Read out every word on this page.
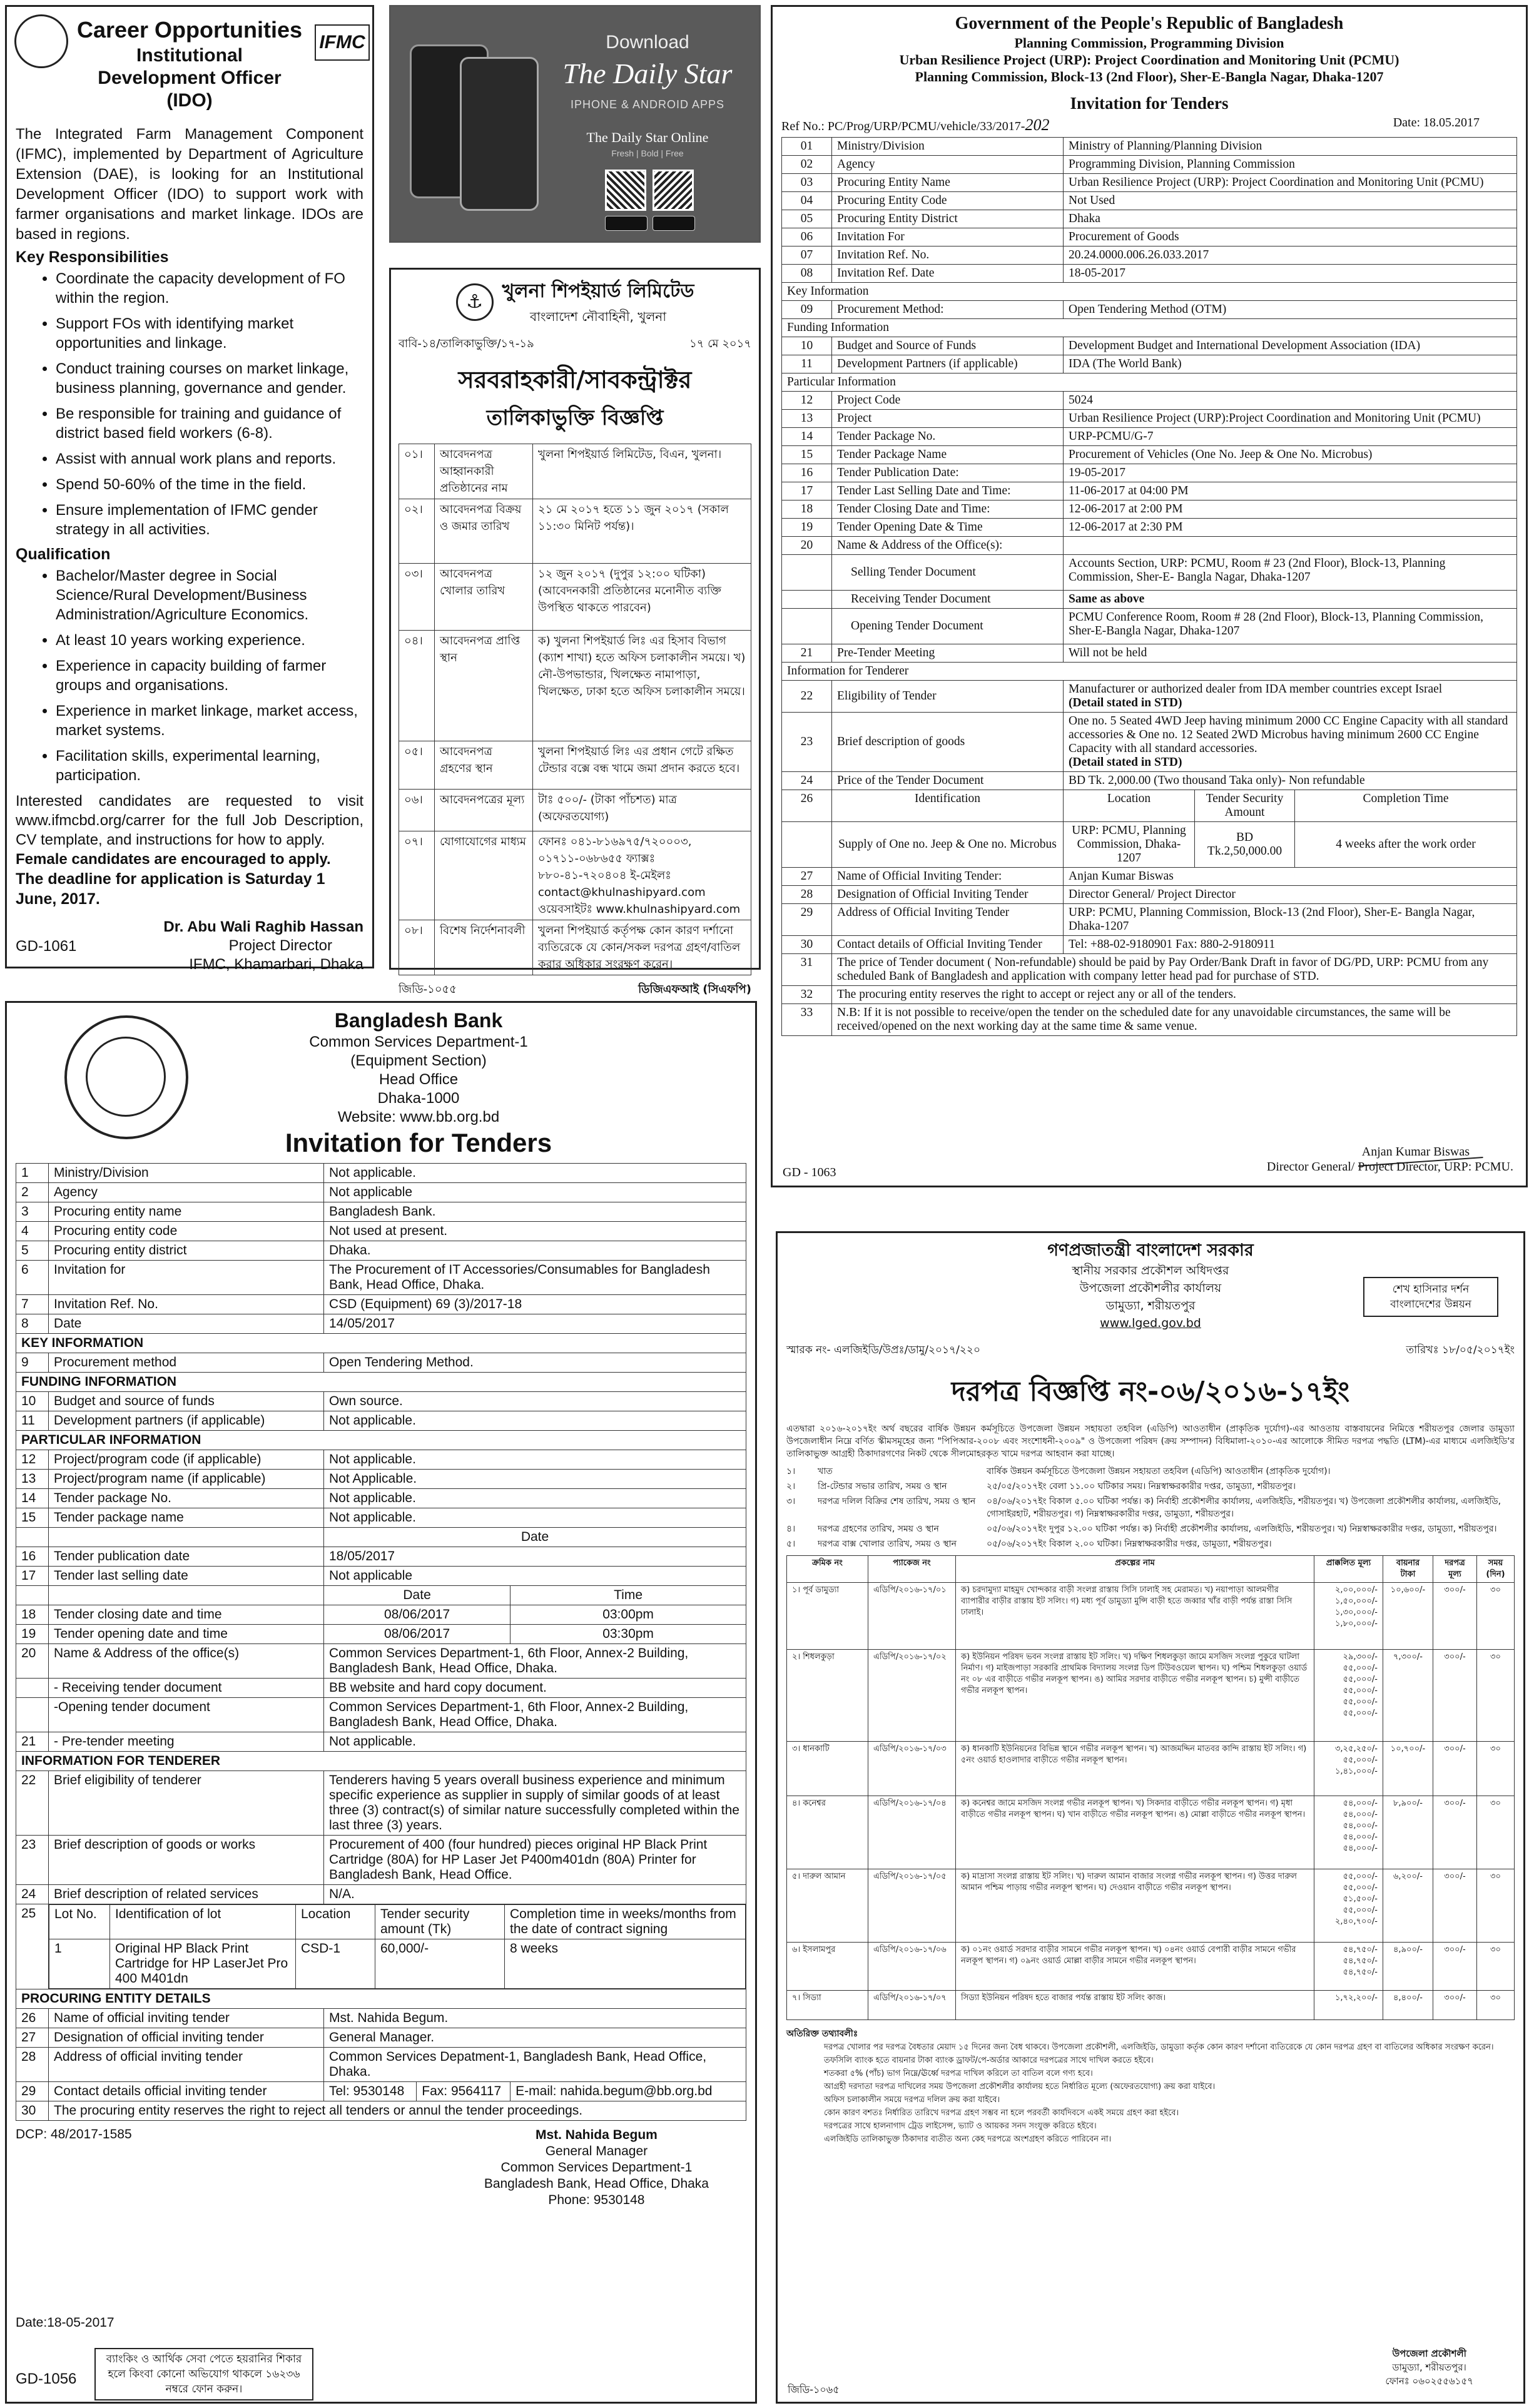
IFMC
Career Opportunities
Institutional Development Officer (IDO)
The Integrated Farm Management Component (IFMC), implemented by Department of Agriculture Extension (DAE), is looking for an Institutional Development Officer (IDO) to support work with farmer organisations and market linkage. IDOs are based in regions.
Key Responsibilities
• Coordinate the capacity development of FO within the region.
• Support FOs with identifying market opportunities and linkage.
• Conduct training courses on market linkage, business planning, governance and gender.
• Be responsible for training and guidance of district based field workers (6-8).
• Assist with annual work plans and reports.
• Spend 50-60% of the time in the field.
• Ensure implementation of IFMC gender strategy in all activities.
Qualification
• Bachelor/Master degree in Social Science/Rural Development/Business Administration/Agriculture Economics.
• At least 10 years working experience.
• Experience in capacity building of farmer groups and organisations.
• Experience in market linkage, market access, market systems.
• Facilitation skills, experimental learning, participation.
Interested candidates are requested to visit www.ifmcbd.org/carrer for the full Job Description, CV template, and instructions for how to apply.
Female candidates are encouraged to apply.
The deadline for application is Saturday 1 June, 2017.
Dr. Abu Wali Raghib Hassan
Project Director
IFMC, Khamarbari, Dhaka
GD-1061
Download
The Daily Star
IPHONE & ANDROID APPS
The Daily Star Online
Fresh | Bold | Free
⚓	খুলনা শিপইয়ার্ড লিমিটেড
বাংলাদেশ নৌবাহিনী, খুলনা
বাবি-১৪/তালিকাভুক্তি/১৭-১৯	১৭ মে ২০১৭
সরবরাহকারী/সাবকন্ট্রাক্টর
তালিকাভুক্তি বিজ্ঞপ্তি
০১।	আবেদনপত্র আহ্বানকারী প্রতিষ্ঠানের নাম	খুলনা শিপইয়ার্ড লিমিটেড, বিএন, খুলনা।
০২।	আবেদনপত্র বিক্রয় ও জমার তারিখ	২১ মে ২০১৭ হতে ১১ জুন ২০১৭ (সকাল ১১:৩০ মিনিট পর্যন্ত)।
০৩।	আবেদনপত্র খোলার তারিখ	১২ জুন ২০১৭ (দুপুর ১২:০০ ঘটিকা) (আবেদনকারী প্রতিষ্ঠানের মনোনীত ব্যক্তি উপস্থিত থাকতে পারবেন)
০৪।	আবেদনপত্র প্রাপ্তি স্থান	ক) খুলনা শিপইয়ার্ড লিঃ এর হিসাব বিভাগ (ক্যাশ শাখা) হতে অফিস চলাকালীন সময়ে। খ) নৌ-উপভান্ডার, খিলক্ষেত নামাপাড়া, খিলক্ষেত, ঢাকা হতে অফিস চলাকালীন সময়ে।
০৫।	আবেদনপত্র গ্রহণের স্থান	খুলনা শিপইয়ার্ড লিঃ এর প্রধান গেটে রক্ষিত টেন্ডার বক্সে বন্ধ খামে জমা প্রদান করতে হবে।
০৬।	আবেদনপত্রের মূল্য	টাঃ ৫০০/- (টাকা পাঁচশত) মাত্র (অফেরতযোগ্য)
০৭।	যোগাযোগের মাধ্যম	ফোনঃ ০৪১-৮১৬৯৭৫/৭২০০০৩, ০১৭১১-০৬৮৬৫৫ ফ্যাক্সঃ ৮৮০-৪১-৭২০৪০৪ ই-মেইলঃ contact@khulnashipyard.com ওয়েবসাইটঃ www.khulnashipyard.com
০৮।	বিশেষ নির্দেশনাবলী	খুলনা শিপইয়ার্ড কর্তৃপক্ষ কোন কারণ দর্শানো ব্যতিরেকে যে কোন/সকল দরপত্র গ্রহণ/বাতিল করার অধিকার সংরক্ষণ করেন।
জিডি-১০৫৫	ডিজিএফআই (সিএফপি)
Bangladesh Bank
Common Services Department-1
(Equipment Section)
Head Office
Dhaka-1000
Website: www.bb.org.bd
Invitation for Tenders
1	Ministry/Division	Not applicable.
2	Agency	Not applicable
3	Procuring entity name	Bangladesh Bank.
4	Procuring entity code	Not used at present.
5	Procuring entity district	Dhaka.
6	Invitation for	The Procurement of IT Accessories/Consumables for Bangladesh Bank, Head Office, Dhaka.
7	Invitation Ref. No.	CSD (Equipment) 69 (3)/2017-18
8	Date	14/05/2017
KEY INFORMATION
9	Procurement method	Open Tendering Method.
FUNDING INFORMATION
10	Budget and source of funds	Own source.
11	Development partners (if applicable)	Not applicable.
PARTICULAR INFORMATION
12	Project/program code (if applicable)	Not applicable.
13	Project/program name (if applicable)	Not Applicable.
14	Tender package No.	Not applicable.
15	Tender package name	Not applicable.
		Date
16	Tender publication date	18/05/2017
17	Tender last selling date	Not applicable
		Date	Time
18	Tender closing date and time	08/06/2017	03:00pm
19	Tender opening date and time	08/06/2017	03:30pm
20	Name & Address of the office(s)	Common Services Department-1, 6th Floor, Annex-2 Building, Bangladesh Bank, Head Office, Dhaka.
	- Receiving tender document	BB website and hard copy document.
	-Opening tender document	Common Services Department-1, 6th Floor, Annex-2 Building, Bangladesh Bank, Head Office, Dhaka.
21	- Pre-tender meeting	Not applicable.
INFORMATION FOR TENDERER
22	Brief eligibility of tenderer	Tenderers having 5 years overall business experience and minimum specific experience as supplier in supply of similar goods of at least three (3) contract(s) of similar nature successfully completed within the last three (3) years.
23	Brief description of goods or works	Procurement of 400 (four hundred) pieces original HP Black Print Cartridge (80A) for HP Laser Jet P400m401dn (80A) Printer for Bangladesh Bank, Head Office.
24	Brief description of related services	N/A.
25	Lot No.	Identification of lot	Location	Tender security amount (Tk)	Completion time in weeks/months from the date of contract signing
1	Original HP Black Print Cartridge for HP LaserJet Pro 400 M401dn	CSD-1	60,000/-	8 weeks

PROCURING ENTITY DETAILS
26	Name of official inviting tender	Mst. Nahida Begum.
27	Designation of official inviting tender	General Manager.
28	Address of official inviting tender	Common Services Depatment-1, Bangladesh Bank, Head Office, Dhaka.
29	Contact details official inviting tender	Tel: 9530148	Fax: 9564117	E-mail: nahida.begum@bb.org.bd
30	The procuring entity reserves the right to reject all tenders or annul the tender proceedings.
DCP: 48/2017-1585	Mst. Nahida Begum
General Manager
Common Services Department-1
Bangladesh Bank, Head Office, Dhaka
Phone: 9530148
Date:18-05-2017
ব্যাংকিং ও আর্থিক সেবা পেতে হয়রানির শিকার হলে কিংবা কোনো অভিযোগ থাকলে ১৬২৩৬ নম্বরে ফোন করুন।
GD-1056
Government of the People's Republic of Bangladesh
Planning Commission, Programming Division
Urban Resilience Project (URP): Project Coordination and Monitoring Unit (PCMU)
Planning Commission, Block-13 (2nd Floor), Sher-E-Bangla Nagar, Dhaka-1207
Invitation for Tenders
Ref No.: PC/Prog/URP/PCMU/vehicle/33/2017-202	Date: 18.05.2017
01	Ministry/Division	Ministry of Planning/Planning Division		
02	Agency	Programming Division, Planning Commission		
03	Procuring Entity Name	Urban Resilience Project (URP): Project Coordination and Monitoring Unit (PCMU)		
04	Procuring Entity Code	Not Used		
05	Procuring Entity District	Dhaka		
06	Invitation For	Procurement of Goods		
07	Invitation Ref. No.	20.24.0000.006.26.033.2017		
08	Invitation Ref. Date	18-05-2017		
Key Information				
09	Procurement Method:	Open Tendering Method (OTM)		
Funding Information				
10	Budget and Source of Funds	Development Budget and International Development Association (IDA)		
11	Development Partners (if applicable)	IDA (The World Bank)		
Particular Information				
12	Project Code	5024		
13	Project	Urban Resilience Project (URP):Project Coordination and Monitoring Unit (PCMU)		
14	Tender Package No.	URP-PCMU/G-7		
15	Tender Package Name	Procurement of Vehicles (One No. Jeep & One No. Microbus)		
16	Tender Publication Date:	19-05-2017		
17	Tender Last Selling Date and Time:	11-06-2017 at 04:00 PM		
18	Tender Closing Date and Time:	12-06-2017 at 2:00 PM		
19	Tender Opening Date & Time	12-06-2017 at 2:30 PM		
20	Name & Address of the Office(s):			
	Selling Tender Document	Accounts Section, URP: PCMU, Room # 23 (2nd Floor), Block-13, Planning Commission, Sher-E- Bangla Nagar, Dhaka-1207		
	Receiving Tender Document	Same as above		
	Opening Tender Document	PCMU Conference Room, Room # 28 (2nd Floor), Block-13, Planning Commission, Sher-E-Bangla Nagar, Dhaka-1207		
21	Pre-Tender Meeting	Will not be held		
Information for Tenderer				
22	Eligibility of Tender	Manufacturer or authorized dealer from IDA member countries except Israel
(Detail stated in STD)		

23	Brief description of goods	One no. 5 Seated 4WD Jeep having minimum 2000 CC Engine Capacity with all standard accessories & One no. 12 Seated 2WD Microbus having minimum 2600 CC Engine Capacity with all standard accessories.
(Detail stated in STD)		

24	Price of the Tender Document	BD Tk. 2,000.00 (Two thousand Taka only)- Non refundable		
26	Identification	Location	Tender Security Amount	Completion Time
	Supply of One no. Jeep & One no. Microbus	URP: PCMU, Planning Commission, Dhaka-1207	BD Tk.2,50,000.00	4 weeks after the work order
27	Name of Official Inviting Tender:	Anjan Kumar Biswas		
28	Designation of Official Inviting Tender	Director General/ Project Director		
29	Address of Official Inviting Tender	URP: PCMU, Planning Commission, Block-13 (2nd Floor), Sher-E- Bangla Nagar, Dhaka-1207		
30	Contact details of Official Inviting Tender	Tel: +88-02-9180901 Fax: 880-2-9180911		
31	The price of Tender document ( Non-refundable) should be paid by Pay Order/Bank Draft in favor of DG/PD, URP: PCMU from any scheduled Bank of Bangladesh and application with company letter head pad for purchase of STD.			
32	The procuring entity reserves the right to accept or reject any or all of the tenders.			
33	N.B: If it is not possible to receive/open the tender on the scheduled date for any unavoidable circumstances, the same will be received/opened on the next working day at the same time & same venue.			
Anjan Kumar Biswas
Director General/ Project Director, URP: PCMU.
GD - 1063
গণপ্রজাতন্ত্রী বাংলাদেশ সরকার
স্থানীয় সরকার প্রকৌশল অধিদপ্তর
উপজেলা প্রকৌশলীর কার্যালয়
ডামুড্যা, শরীয়তপুর
www.lged.gov.bd
শেখ হাসিনার দর্শন বাংলাদেশের উন্নয়ন
স্মারক নং- এলজিইডি/উপ্রঃ/ডামু/২০১৭/২২০	তারিখঃ ১৮/০৫/২০১৭ইং
দরপত্র বিজ্ঞপ্তি নং-০৬/২০১৬-১৭ইং
এতদ্বারা ২০১৬-২০১৭ইং অর্থ বছরের বার্ষিক উন্নয়ন কর্মসূচিতে উপজেলা উন্নয়ন সহায়তা তহবিল (এডিপি) আওতাধীন (প্রাকৃতিক দুর্যোগ)-এর আওতায় বাস্তবায়নের নিমিত্তে শরীয়তপুর জেলার ডামুড্যা উপজেলাধীন নিম্নে বর্ণিত স্কীমসমূহের জন্য "পিপিআর-২০০৮ এবং সংশোধনী-২০০৯" ও উপজেলা পরিষদ (ক্রয় সম্পাদন) বিধিমালা-২০১০-এর আলোকে সীমিত দরপত্র পদ্ধতি (LTM)-এর মাধ্যমে এলজিইডি'র তালিকাভুক্ত আগ্রহী ঠিকাদারগণের নিকট থেকে সীলমোহরকৃত খামে দরপত্র আহবান করা যাচ্ছে।
১।	খাত	বার্ষিক উন্নয়ন কর্মসূচিতে উপজেলা উন্নয়ন সহায়তা তহবিল (এডিপি) আওতাধীন (প্রাকৃতিক দুর্যোগ)।
২।	প্রি-টেন্ডার সভার তারিখ, সময় ও স্থান	২৫/০৫/২০১৭ইং বেলা ১১.০০ ঘটিকার সময়। নিম্নস্বাক্ষরকারীর দপ্তর, ডামুড্যা, শরীয়তপুর।
৩।	দরপত্র দলিল বিক্রির শেষ তারিখ, সময় ও স্থান	০৪/০৬/২০১৭ইং বিকাল ৫.০০ ঘটিকা পর্যন্ত। ক) নির্বাহী প্রকৌশলীর কার্যালয়, এলজিইডি, শরীয়তপুর। খ) উপজেলা প্রকৌশলীর কার্যালয়, এলজিইডি, গোসাইরহাট, শরীয়তপুর। গ) নিম্নস্বাক্ষরকারীর দপ্তর, ডামুড্যা, শরীয়তপুর।
৪।	দরপত্র গ্রহণের তারিখ, সময় ও স্থান	০৫/০৬/২০১৭ইং দুপুর ১২.০০ ঘটিকা পর্যন্ত। ক) নির্বাহী প্রকৌশলীর কার্যালয়, এলজিইডি, শরীয়তপুর। খ) নিম্নস্বাক্ষরকারীর দপ্তর, ডামুড্যা, শরীয়তপুর।
৫।	দরপত্র বাক্স খোলার তারিখ, সময় ও স্থান	০৫/০৬/২০১৭ইং বিকাল ২.০০ ঘটিকা। নিম্নস্বাক্ষরকারীর দপ্তর, ডামুড্যা, শরীয়তপুর।
ক্রমিক নং	প্যাকেজ নং	প্রকল্পের নাম	প্রাক্কলিত মূল্য	বায়নার টাকা	দরপত্র মূল্য	সময় (দিন)
১। পূর্ব ডামুড্যা	এডিপি/২০১৬-১৭/০১	ক) চরদামুদ্যা মাহমুদ খোন্দকার বাড়ী সংলগ্ন রাস্তায় সিসি ঢালাই সহ মেরামত। খ) নয়াপাড়া আলমগীর ব্যাপারীর বাড়ীর রাস্তায় ইট সলিং। গ) মধ্য পূর্ব ডামুড্যা মুন্সি বাড়ী হতে জব্বার খাঁর বাড়ী পর্যন্ত রাস্তা সিসি ঢালাই।	২,০০,০০০/- ১,৫০,০০০/- ১,৩০,০০০/- ১,৮০,০০০/-	১০,৬০০/-	৩০০/-	৩০
২। শিধলকুড়া	এডিপি/২০১৬-১৭/০২	ক) ইউনিয়ন পরিষদ ভবন সংলগ্ন রাস্তায় ইট সলিং। খ) দক্ষিণ শিধলকুড়া জামে মসজিদ সংলগ্ন পুকুরে ঘাটলা নির্মাণ। গ) মাইজপাড়া সরকারি প্রাথমিক বিদ্যালয় সংলগ্ন ডিপ টিউবওয়েল স্থাপন। ঘ) পশ্চিম শিধলকুড়া ওয়ার্ড নং ০৮ এর বাড়ীতে গভীর নলকূপ স্থাপন। ঙ) আমির সরদার বাড়ীতে গভীর নলকূপ স্থাপন। চ) মুন্সী বাড়ীতে গভীর নলকূপ স্থাপন।	২৯,৩০০/- ৫৫,০০০/- ৫৫,০০০/- ৫৫,০০০/- ৫৫,০০০/- ৫৫,০০০/-	৭,৩০০/-	৩০০/-	৩০
৩। ধানকাটি	এডিপি/২০১৬-১৭/০৩	ক) ধানকাটি ইউনিয়নের বিভিন্ন স্থানে গভীর নলকূপ স্থাপন। খ) আজমদ্দিন মাতবর কান্দি রাস্তায় ইট সলিং। গ) ৫নং ওয়ার্ড হাওলাদার বাড়ীতে গভীর নলকূপ স্থাপন।	৩,২৫,২৫০/- ৫৫,০০০/- ১,৪১,০০০/-	১০,৭০০/-	৩০০/-	৩০
৪। কনেশ্বর	এডিপি/২০১৬-১৭/০৪	ক) কনেশ্বর জামে মসজিদ সংলগ্ন গভীর নলকূপ স্থাপন। খ) সিকদার বাড়ীতে গভীর নলকূপ স্থাপন। গ) মৃধা বাড়ীতে গভীর নলকূপ স্থাপন। ঘ) খান বাড়ীতে গভীর নলকূপ স্থাপন। ঙ) মোল্লা বাড়ীতে গভীর নলকূপ স্থাপন।	৫৪,০০০/- ৫৪,০০০/- ৫৪,০০০/- ৫৪,০০০/- ৫৪,০০০/-	৮,৯০০/-	৩০০/-	৩০
৫। দারুল আমান	এডিপি/২০১৬-১৭/০৫	ক) মাদ্রাসা সংলগ্ন রাস্তায় ইট সলিং। খ) দারুল আমান বাজার সংলগ্ন গভীর নলকূপ স্থাপন। গ) উত্তর দারুল আমান পশ্চিম পাড়ায় গভীর নলকূপ স্থাপন। ঘ) দেওয়ান বাড়ীতে গভীর নলকূপ স্থাপন।	৫৫,০০০/- ৫৫,০০০/- ৫১,৫০০/- ৫৫,০০০/- ২,৪০,৭০০/-	৬,২০০/-	৩০০/-	৩০
৬। ইসলামপুর	এডিপি/২০১৬-১৭/০৬	ক) ০১নং ওয়ার্ড সরদার বাড়ীর সামনে গভীর নলকূপ স্থাপন। খ) ০৪নং ওয়ার্ড বেপারী বাড়ীর সামনে গভীর নলকূপ স্থাপন। গ) ০৯নং ওয়ার্ড মোল্লা বাড়ীর সামনে গভীর নলকূপ স্থাপন।	৫৪,৭৫০/- ৫৪,৭৫০/- ৫৪,৭৫০/-	৪,৯০০/-	৩০০/-	৩০
৭। সিড্যা	এডিপি/২০১৬-১৭/০৭	সিড্যা ইউনিয়ন পরিষদ হতে বাজার পর্যন্ত রাস্তায় ইট সলিং কাজ।	১,৭২,২০০/-	৪,৪০০/-	৩০০/-	৩০
অতিরিক্ত তথ্যাবলীঃ
দরপত্র খোলার পর দরপত্র বৈধতার মেয়াদ ১৫ দিনের জন্য বৈধ থাকবে। উপজেলা প্রকৌশলী, এলজিইডি, ডামুড্যা কর্তৃক কোন কারণ দর্শানো ব্যতিরেকে যে কোন দরপত্র গ্রহণ বা বাতিলের অধিকার সংরক্ষণ করেন।
তফসিলি ব্যাংক হতে বায়নার টাকা ব্যাংক ড্রাফট/পে-অর্ডার আকারে দরপত্রের সাথে দাখিল করতে হইবে।
শতকরা ৫% (পাঁচ) ভাগ নিম্নে/ঊর্ধ্বে দরপত্র দাখিল করিলে তা বাতিল বলে গণ্য হবে।
আগ্রহী দরদাতা দরপত্র দাখিলের সময় উপজেলা প্রকৌশলীর কার্যালয় হতে নির্ধারিত মূল্যে (অফেরতযোগ্য) ক্রয় করা যাইবে।
অফিস চলাকালীন সময়ে দরপত্র দলিল ক্রয় করা যাইবে।
কোন কারণ বশতঃ নির্ধারিত তারিখে দরপত্র গ্রহণ সম্ভব না হলে পরবর্তী কার্যদিবসে একই সময়ে গ্রহণ করা হইবে।
দরপত্রের সাথে হালনাগাদ ট্রেড লাইসেন্স, ভ্যাট ও আয়কর সনদ সংযুক্ত করিতে হইবে।
এলজিইডি তালিকাভুক্ত ঠিকাদার ব্যতীত অন্য কেহ দরপত্রে অংশগ্রহণ করিতে পারিবেন না।
উপজেলা প্রকৌশলী
ডামুড্যা, শরীয়তপুর।
ফোনঃ ০৬০২৫৫৬১৫৭
জিডি-১০৬৫
